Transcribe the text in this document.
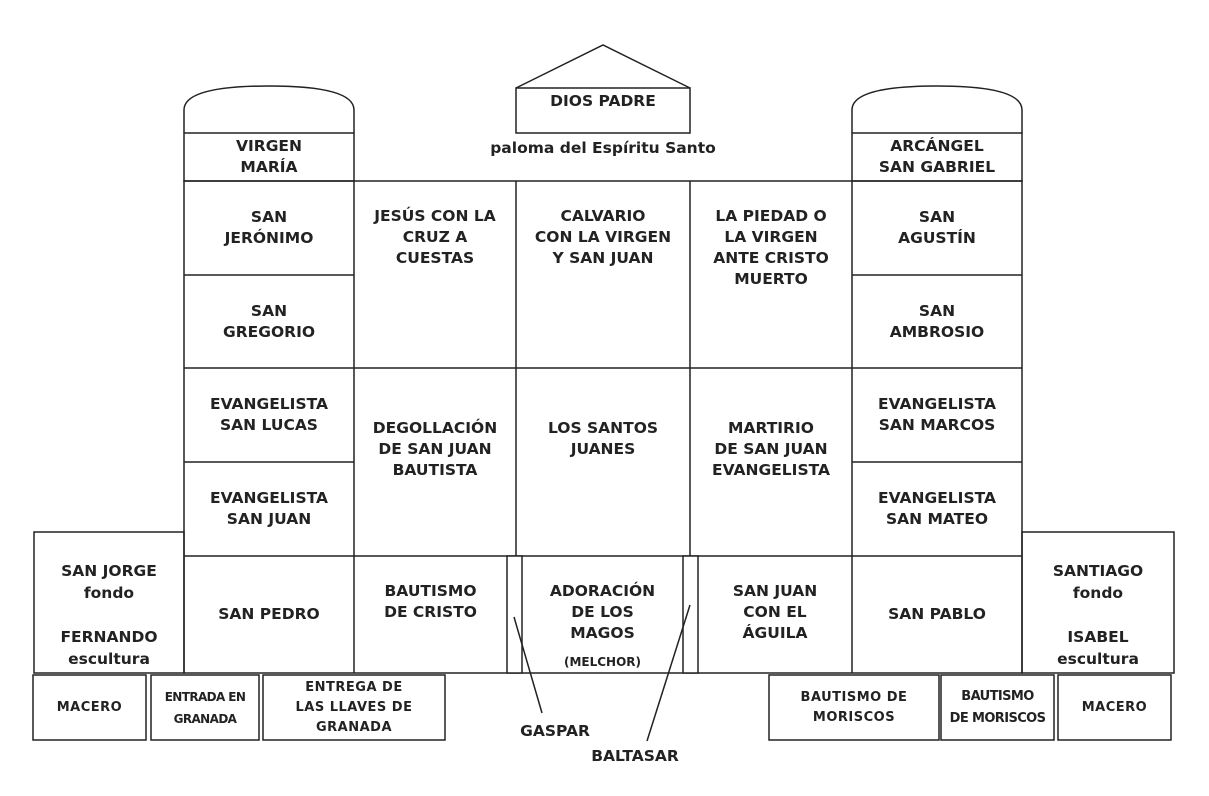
DIOS PADRE
paloma del Espíritu Santo
VIRGEN
MARÍA
ARCÁNGEL
SAN GABRIEL
SAN
JERÓNIMO
SAN
GREGORIO
EVANGELISTA
SAN LUCAS
EVANGELISTA
SAN JUAN
SAN PEDRO
SAN
AGUSTÍN
SAN
AMBROSIO
EVANGELISTA
SAN MARCOS
EVANGELISTA
SAN MATEO
SAN PABLO
JESÚS CON LA
CRUZ A
CUESTAS
CALVARIO
CON LA VIRGEN
Y SAN JUAN
LA PIEDAD O
LA VIRGEN
ANTE CRISTO
MUERTO
DEGOLLACIÓN
DE SAN JUAN
BAUTISTA
LOS SANTOS
JUANES
MARTIRIO
DE SAN JUAN
EVANGELISTA
BAUTISMO
DE CRISTO
ADORACIÓN
DE LOS
MAGOS
(MELCHOR)
SAN JUAN
CON EL
ÁGUILA
SAN JORGE
fondo

FERNANDO
escultura
SANTIAGO
fondo

ISABEL
escultura
MACERO
ENTRADA EN
GRANADA
ENTREGA DE
LAS LLAVES DE
GRANADA
BAUTISMO DE
MORISCOS
BAUTISMO
DE MORISCOS
MACERO
GASPAR
BALTASAR
